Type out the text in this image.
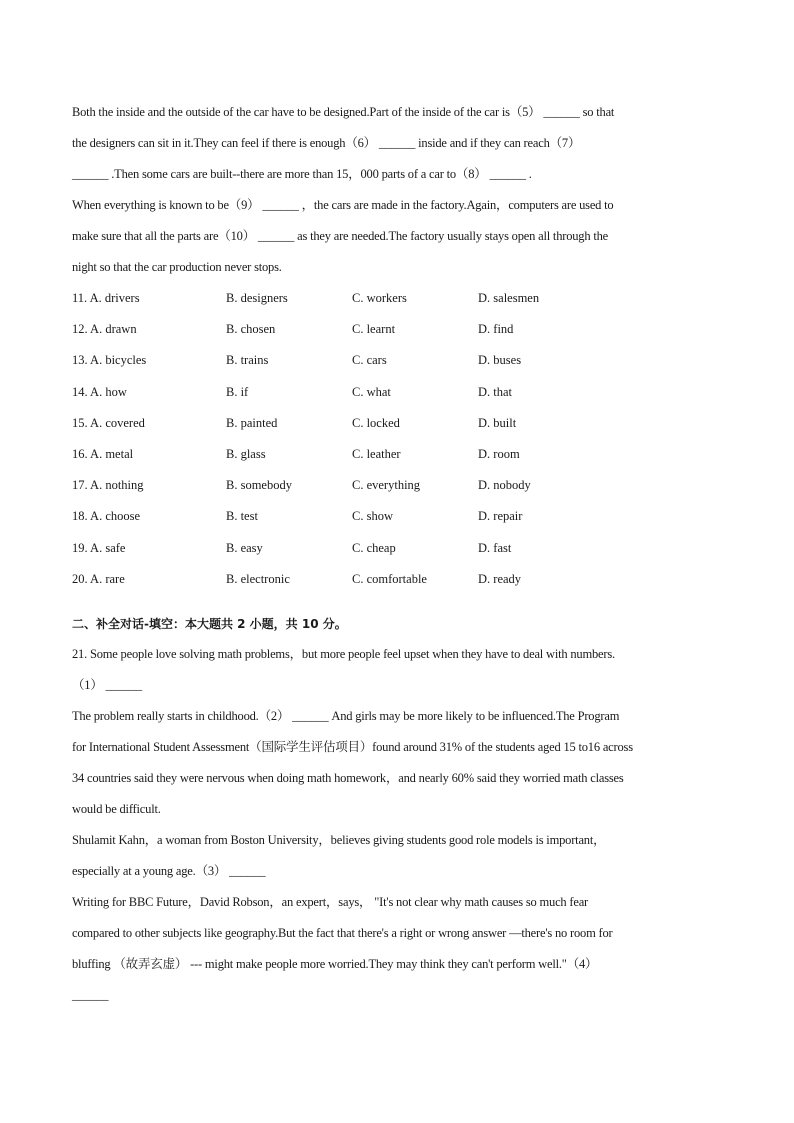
Both the inside and the outside of the car have to be designed.Part of the inside of the car is（5） ______ so that
the designers can sit in it.They can feel if there is enough（6） ______ inside and if they can reach（7）
______ .Then some cars are built--there are more than 15，000 parts of a car to（8） ______ .
When everything is known to be（9） ______ ，the cars are made in the factory.Again，computers are used to
make sure that all the parts are（10） ______ as they are needed.The factory usually stays open all through the
night so that the car production never stops.
11. A. drivers	B. designers	C. workers	D. salesmen
12. A. drawn	B. chosen	C. learnt	D. find
13. A. bicycles	B. trains	C. cars	D. buses
14. A. how	B. if	C. what	D. that
15. A. covered	B. painted	C. locked	D. built
16. A. metal	B. glass	C. leather	D. room
17. A. nothing	B. somebody	C. everything	D. nobody
18. A. choose	B. test	C. show	D. repair
19. A. safe	B. easy	C. cheap	D. fast
20. A. rare	B. electronic	C. comfortable	D. ready
二、补全对话-填空：本大题共 2 小题，共 10 分。
21. Some people love solving math problems，but more people feel upset when they have to deal with numbers.
（1） ______
The problem really starts in childhood.（2） ______ And girls may be more likely to be influenced.The Program
for International Student Assessment（国际学生评估项目）found around 31% of the students aged 15 to16 across
34 countries said they were nervous when doing math homework，and nearly 60% said they worried math classes
would be difficult.
Shulamit Kahn，a woman from Boston University，believes giving students good role models is important，
especially at a young age.（3） ______
Writing for BBC Future，David Robson，an expert，says， "It's not clear why math causes so much fear
compared to other subjects like geography.But the fact that there's a right or wrong answer —there's no room for
bluffing （故弄玄虚） --- might make people more worried.They may think they can't perform well."（4）
______
